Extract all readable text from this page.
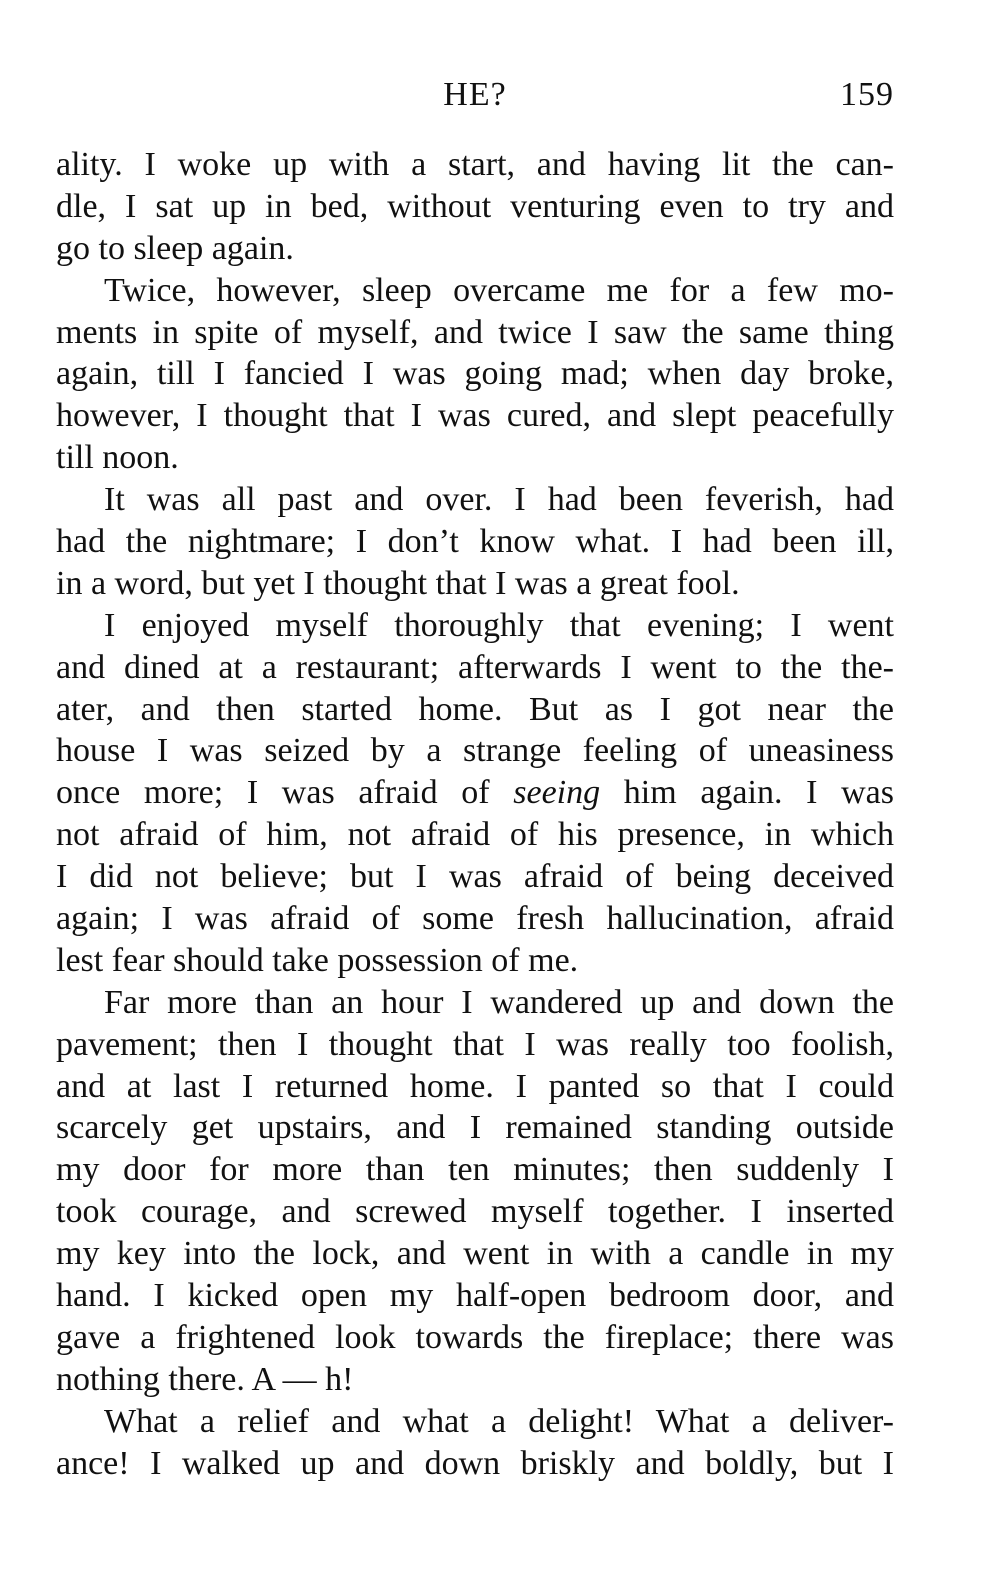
HE?	159
ality. I woke up with a start, and having lit the can-
dle, I sat up in bed, without venturing even to try and
go to sleep again.
Twice, however, sleep overcame me for a few mo-
ments in spite of myself, and twice I saw the same thing
again, till I fancied I was going mad; when day broke,
however, I thought that I was cured, and slept peacefully
till noon.
It was all past and over. I had been feverish, had
had the nightmare; I don’t know what. I had been ill,
in a word, but yet I thought that I was a great fool.
I enjoyed myself thoroughly that evening; I went
and dined at a restaurant; afterwards I went to the the-
ater, and then started home. But as I got near the
house I was seized by a strange feeling of uneasiness
once more; I was afraid of seeing him again. I was
not afraid of him, not afraid of his presence, in which
I did not believe; but I was afraid of being deceived
again; I was afraid of some fresh hallucination, afraid
lest fear should take possession of me.
Far more than an hour I wandered up and down the
pavement; then I thought that I was really too foolish,
and at last I returned home. I panted so that I could
scarcely get upstairs, and I remained standing outside
my door for more than ten minutes; then suddenly I
took courage, and screwed myself together. I inserted
my key into the lock, and went in with a candle in my
hand. I kicked open my half-open bedroom door, and
gave a frightened look towards the fireplace; there was
nothing there. A — h!
What a relief and what a delight! What a deliver-
ance! I walked up and down briskly and boldly, but I
